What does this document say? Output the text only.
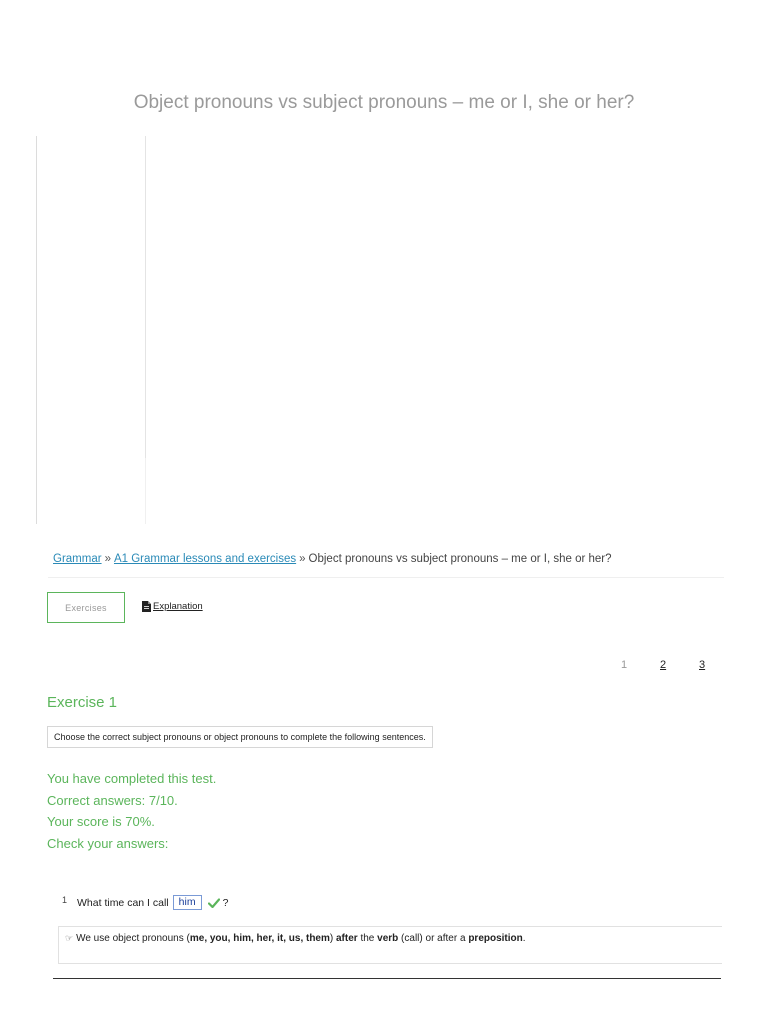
Object pronouns vs subject pronouns – me or I, she or her?
Grammar » A1 Grammar lessons and exercises » Object pronouns vs subject pronouns – me or I, she or her?
Exercises	Explanation
1	2	3
Exercise 1
Choose the correct subject pronouns or object pronouns to complete the following sentences.
You have completed this test.
Correct answers: 7/10.
Your score is 70%.
Check your answers:
1 What time can I call him	?
☞ We use object pronouns (me, you, him, her, it, us, them) after the verb (call) or after a preposition.
